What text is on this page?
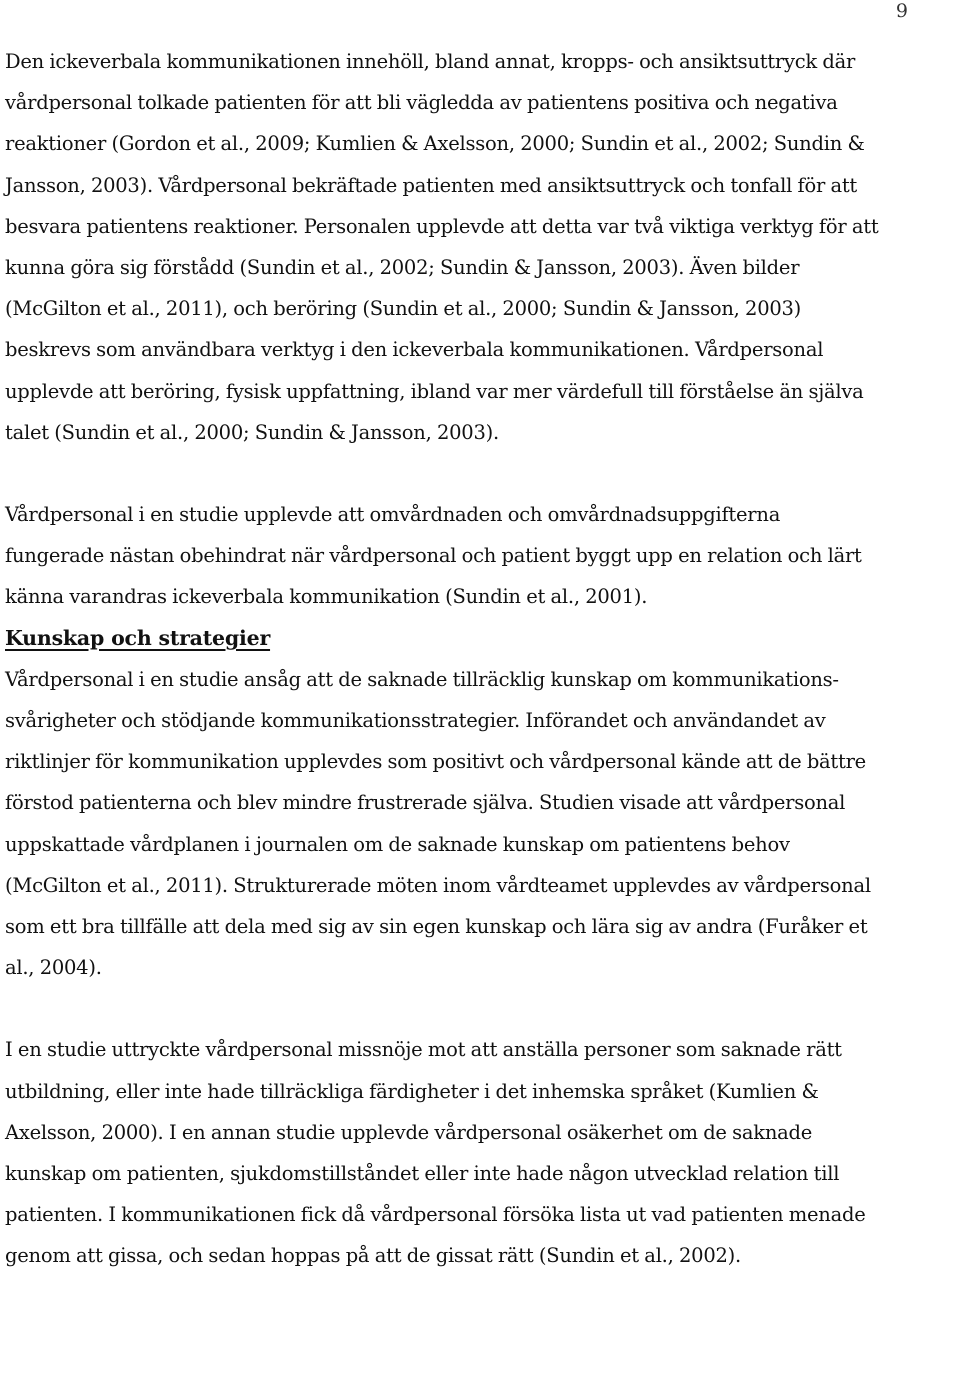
9

Den ickeverbala kommunikationen innehöll, bland annat, kropps- och ansiktsuttryck där
vårdpersonal tolkade patienten för att bli vägledda av patientens positiva och negativa
reaktioner (Gordon et al., 2009; Kumlien & Axelsson, 2000; Sundin et al., 2002; Sundin &
Jansson, 2003). Vårdpersonal bekräftade patienten med ansiktsuttryck och tonfall för att
besvara patientens reaktioner. Personalen upplevde att detta var två viktiga verktyg för att
kunna göra sig förstådd (Sundin et al., 2002; Sundin & Jansson, 2003). Även bilder
(McGilton et al., 2011), och beröring (Sundin et al., 2000; Sundin & Jansson, 2003)
beskrevs som användbara verktyg i den ickeverbala kommunikationen. Vårdpersonal
upplevde att beröring, fysisk uppfattning, ibland var mer värdefull till förståelse än själva
talet (Sundin et al., 2000; Sundin & Jansson, 2003).

Vårdpersonal i en studie upplevde att omvårdnaden och omvårdnadsuppgifterna
fungerade nästan obehindrat när vårdpersonal och patient byggt upp en relation och lärt
känna varandras ickeverbala kommunikation (Sundin et al., 2001).

Kunskap och strategier

Vårdpersonal i en studie ansåg att de saknade tillräcklig kunskap om kommunikations-
svårigheter och stödjande kommunikationsstrategier. Införandet och användandet av
riktlinjer för kommunikation upplevdes som positivt och vårdpersonal kände att de bättre
förstod patienterna och blev mindre frustrerade själva. Studien visade att vårdpersonal
uppskattade vårdplanen i journalen om de saknade kunskap om patientens behov
(McGilton et al., 2011). Strukturerade möten inom vårdteamet upplevdes av vårdpersonal
som ett bra tillfälle att dela med sig av sin egen kunskap och lära sig av andra (Furåker et
al., 2004).

I en studie uttryckte vårdpersonal missnöje mot att anställa personer som saknade rätt
utbildning, eller inte hade tillräckliga färdigheter i det inhemska språket (Kumlien &
Axelsson, 2000). I en annan studie upplevde vårdpersonal osäkerhet om de saknade
kunskap om patienten, sjukdomstillståndet eller inte hade någon utvecklad relation till
patienten. I kommunikationen fick då vårdpersonal försöka lista ut vad patienten menade
genom att gissa, och sedan hoppas på att de gissat rätt (Sundin et al., 2002).
